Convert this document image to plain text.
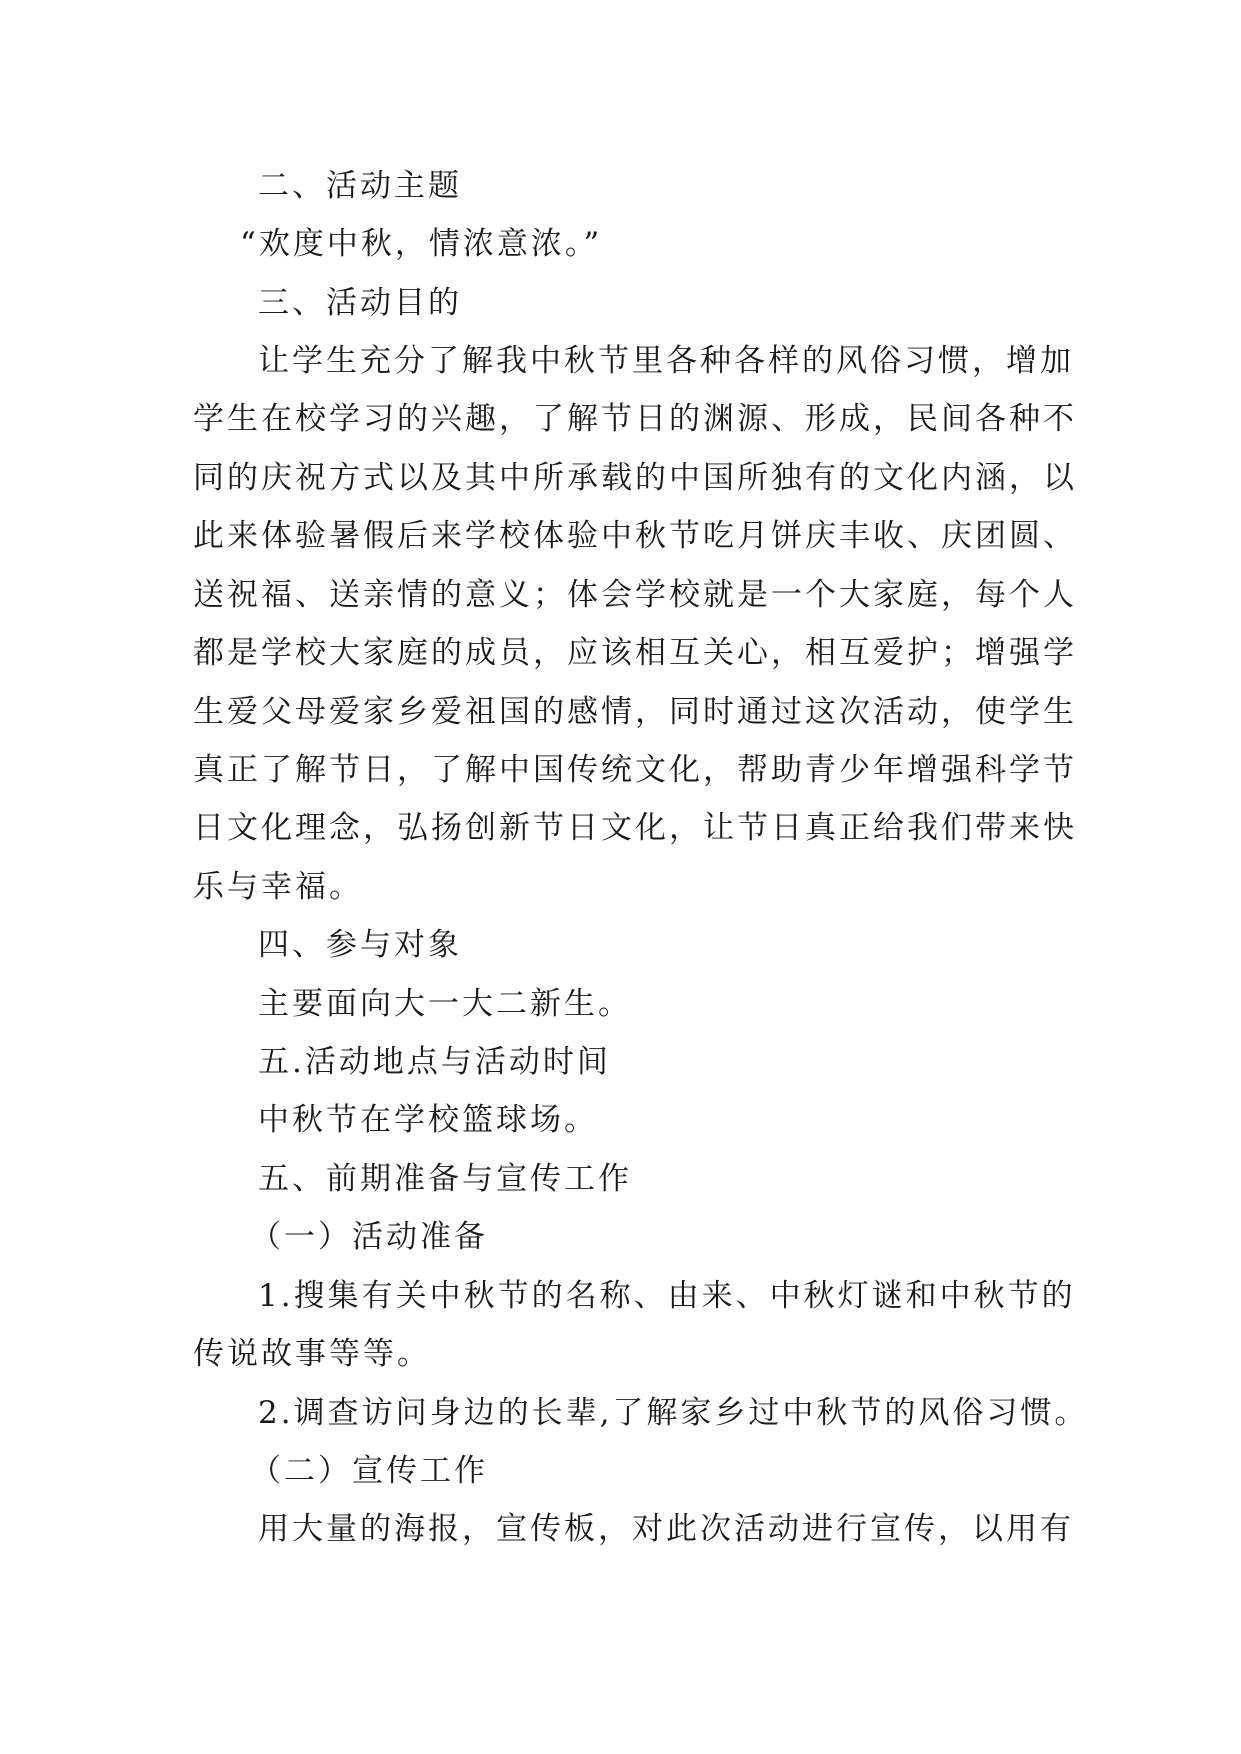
二、活动主题
“欢度中秋，情浓意浓。”
三、活动目的
让学生充分了解我中秋节里各种各样的风俗习惯，增加
学生在校学习的兴趣，了解节日的渊源、形成，民间各种不
同的庆祝方式以及其中所承载的中国所独有的文化内涵，以
此来体验暑假后来学校体验中秋节吃月饼庆丰收、庆团圆、
送祝福、送亲情的意义；体会学校就是一个大家庭，每个人
都是学校大家庭的成员，应该相互关心，相互爱护；增强学
生爱父母爱家乡爱祖国的感情，同时通过这次活动，使学生
真正了解节日，了解中国传统文化，帮助青少年增强科学节
日文化理念，弘扬创新节日文化，让节日真正给我们带来快
乐与幸福。
四、参与对象
主要面向大一大二新生。
五.活动地点与活动时间
中秋节在学校篮球场。
五、前期准备与宣传工作
（一）活动准备
1.搜集有关中秋节的名称、由来、中秋灯谜和中秋节的
传说故事等等。
2.调查访问身边的长辈,了解家乡过中秋节的风俗习惯。
（二）宣传工作
用大量的海报，宣传板，对此次活动进行宣传，以用有
